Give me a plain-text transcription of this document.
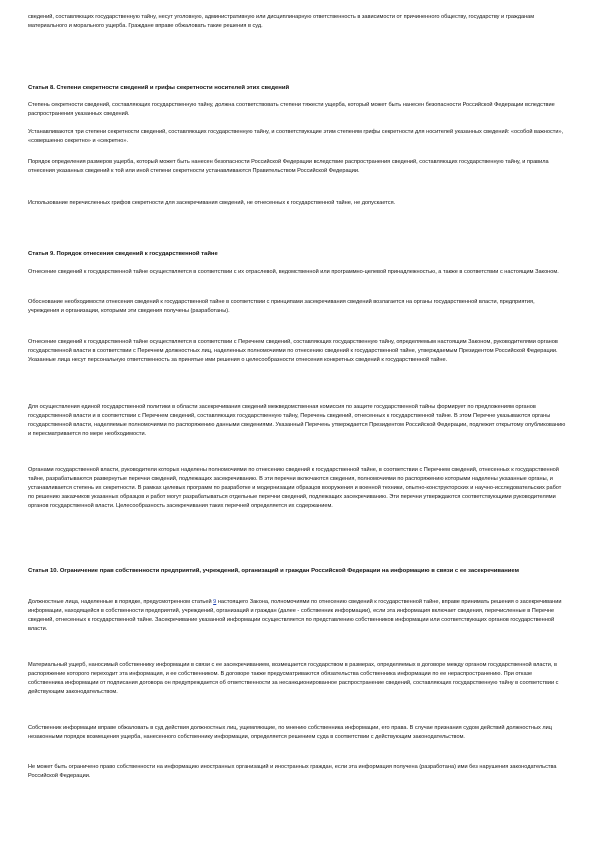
сведений, составляющих государственную тайну, несут уголовную, административную или дисциплинарную ответственность в зависимости от причиненного обществу, государству и гражданам материального и морального ущерба. Граждане вправе обжаловать такие решения в суд.

Статья 8. Степени секретности сведений и грифы секретности носителей этих сведений

Степень секретности сведений, составляющих государственную тайну, должна соответствовать степени тяжести ущерба, который может быть нанесен безопасности Российской Федерации вследствие распространения указанных сведений.

Устанавливаются три степени секретности сведений, составляющих государственную тайну, и соответствующие этим степеням грифы секретности для носителей указанных сведений: «особой важности», «совершенно секретно» и «секретно».

Порядок определения размеров ущерба, который может быть нанесен безопасности Российской Федерации вследствие распространения сведений, составляющих государственную тайну, и правила отнесения указанных сведений к той или иной степени секретности устанавливаются Правительством Российской Федерации.

Использование перечисленных грифов секретности для засекречивания сведений, не отнесенных к государственной тайне, не допускается.

Статья 9. Порядок отнесения сведений к государственной тайне

Отнесение сведений к государственной тайне осуществляется в соответствии с их отраслевой, ведомственной или программно-целевой принадлежностью, а также в соответствии с настоящим Законом.

Обоснование необходимости отнесения сведений к государственной тайне в соответствии с принципами засекречивания сведений возлагается на органы государственной власти, предприятия, учреждения и организации, которыми эти сведения получены (разработаны).

Отнесение сведений к государственной тайне осуществляется в соответствии с Перечнем сведений, составляющих государственную тайну, определяемым настоящим Законом, руководителями органов государственной власти в соответствии с Перечнем должностных лиц, наделенных полномочиями по отнесению сведений к государственной тайне, утверждаемым Президентом Российской Федерации. Указанные лица несут персональную ответственность за принятые ими решения о целесообразности отнесения конкретных сведений к государственной тайне.

Для осуществления единой государственной политики в области засекречивания сведений межведомственная комиссия по защите государственной тайны формирует по предложениям органов государственной власти и в соответствии с Перечнем сведений, составляющих государственную тайну, Перечень сведений, отнесенных к государственной тайне. В этом Перечне указываются органы государственной власти, наделяемые полномочиями по распоряжению данными сведениями. Указанный Перечень утверждается Президентом Российской Федерации, подлежит открытому опубликованию и пересматривается по мере необходимости.

Органами государственной власти, руководители которых наделены полномочиями по отнесению сведений к государственной тайне, в соответствии с Перечнем сведений, отнесенных к государственной тайне, разрабатываются развернутые перечни сведений, подлежащих засекречиванию. В эти перечни включаются сведения, полномочиями по распоряжению которыми наделены указанные органы, и устанавливается степень их секретности. В рамках целевых программ по разработке и модернизации образцов вооружения и военной техники, опытно-конструкторских и научно-исследовательских работ по решению заказчиков указанных образцов и работ могут разрабатываться отдельные перечни сведений, подлежащих засекречиванию. Эти перечни утверждаются соответствующими руководителями органов государственной власти. Целесообразность засекречивания таких перечней определяется их содержанием.

Статья 10. Ограничение прав собственности предприятий, учреждений, организаций и граждан Российской Федерации на информацию в связи с ее засекречиванием

Должностные лица, наделенные в порядке, предусмотренном статьей 9 настоящего Закона, полномочиями по отнесению сведений к государственной тайне, вправе принимать решения о засекречивании информации, находящейся в собственности предприятий, учреждений, организаций и граждан (далее - собственник информации), если эта информация включает сведения, перечисленные в Перечне сведений, отнесенных к государственной тайне. Засекречивание указанной информации осуществляется по представлению собственников информации или соответствующих органов государственной власти.

Материальный ущерб, наносимый собственнику информации в связи с ее засекречиванием, возмещается государством в размерах, определяемых в договоре между органом государственной власти, в распоряжение которого переходит эта информация, и ее собственником. В договоре также предусматриваются обязательства собственника информации по ее нераспространению. При отказе собственника информации от подписания договора он предупреждается об ответственности за несанкционированное распространение сведений, составляющих государственную тайну в соответствии с действующим законодательством.

Собственник информации вправе обжаловать в суд действия должностных лиц, ущемляющие, по мнению собственника информации, его права. В случае признания судом действий должностных лиц незаконными порядок возмещения ущерба, нанесенного собственнику информации, определяется решением суда в соответствии с действующим законодательством.

Не может быть ограничено право собственности на информацию иностранных организаций и иностранных граждан, если эта информация получена (разработана) ими без нарушения законодательства Российской Федерации.
